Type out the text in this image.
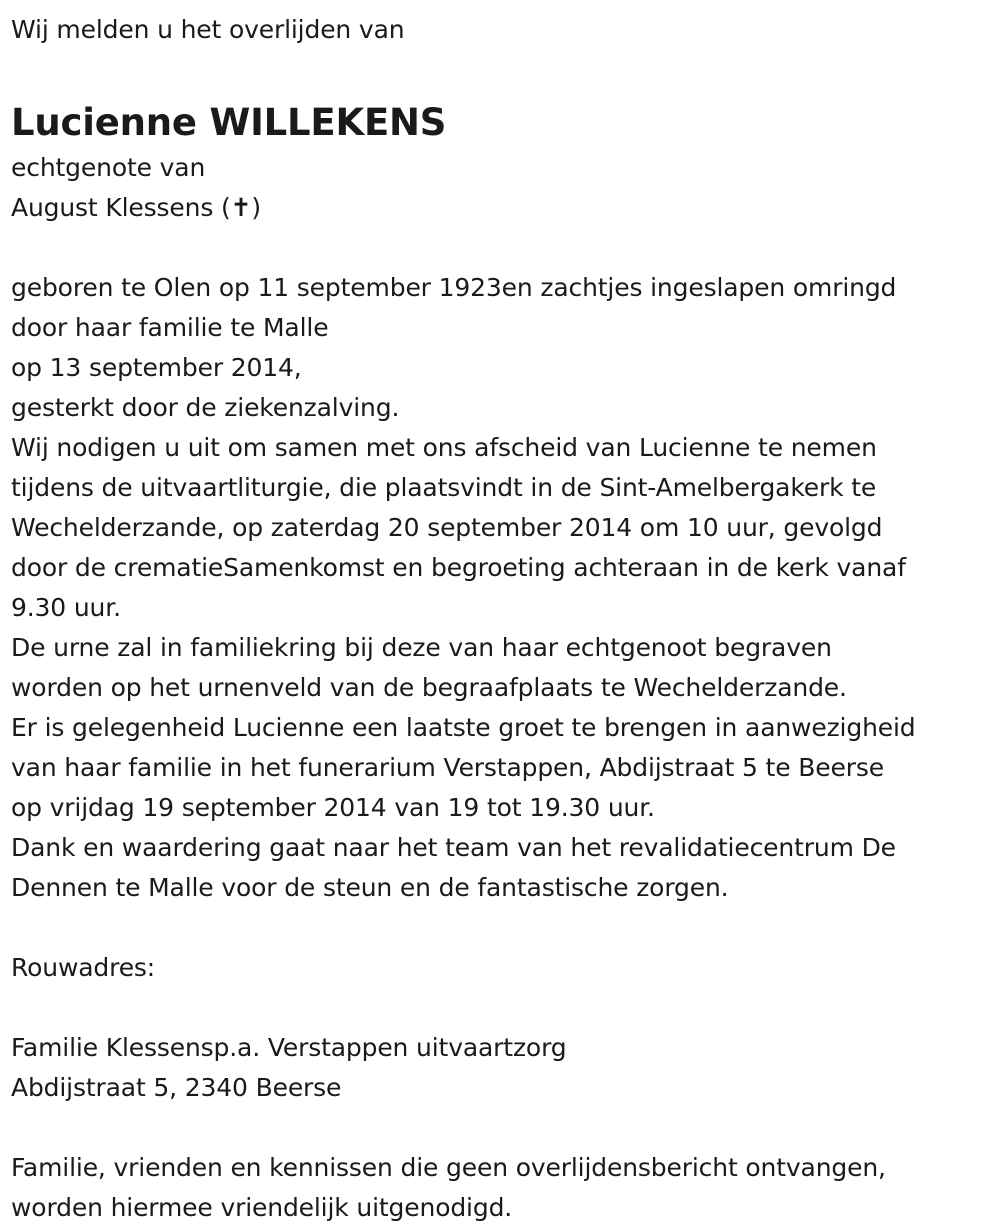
Wij melden u het overlijden van
Lucienne WILLEKENS
echtgenote van
August Klessens (✝)
geboren te Olen op 11 september 1923en zachtjes ingeslapen omringd
door haar familie te Malle
op 13 september 2014,
gesterkt door de ziekenzalving.
Wij nodigen u uit om samen met ons afscheid van Lucienne te nemen
tijdens de uitvaartliturgie, die plaatsvindt in de Sint-Amelbergakerk te
Wechelderzande, op zaterdag 20 september 2014 om 10 uur, gevolgd
door de crematieSamenkomst en begroeting achteraan in de kerk vanaf
9.30 uur.
De urne zal in familiekring bij deze van haar echtgenoot begraven
worden op het urnenveld van de begraafplaats te Wechelderzande.
Er is gelegenheid Lucienne een laatste groet te brengen in aanwezigheid
van haar familie in het funerarium Verstappen, Abdijstraat 5 te Beerse
op vrijdag 19 september 2014 van 19 tot 19.30 uur.
Dank en waardering gaat naar het team van het revalidatiecentrum De
Dennen te Malle voor de steun en de fantastische zorgen.
Rouwadres:
Familie Klessensp.a. Verstappen uitvaartzorg
Abdijstraat 5, 2340 Beerse
Familie, vrienden en kennissen die geen overlijdensbericht ontvangen,
worden hiermee vriendelijk uitgenodigd.
